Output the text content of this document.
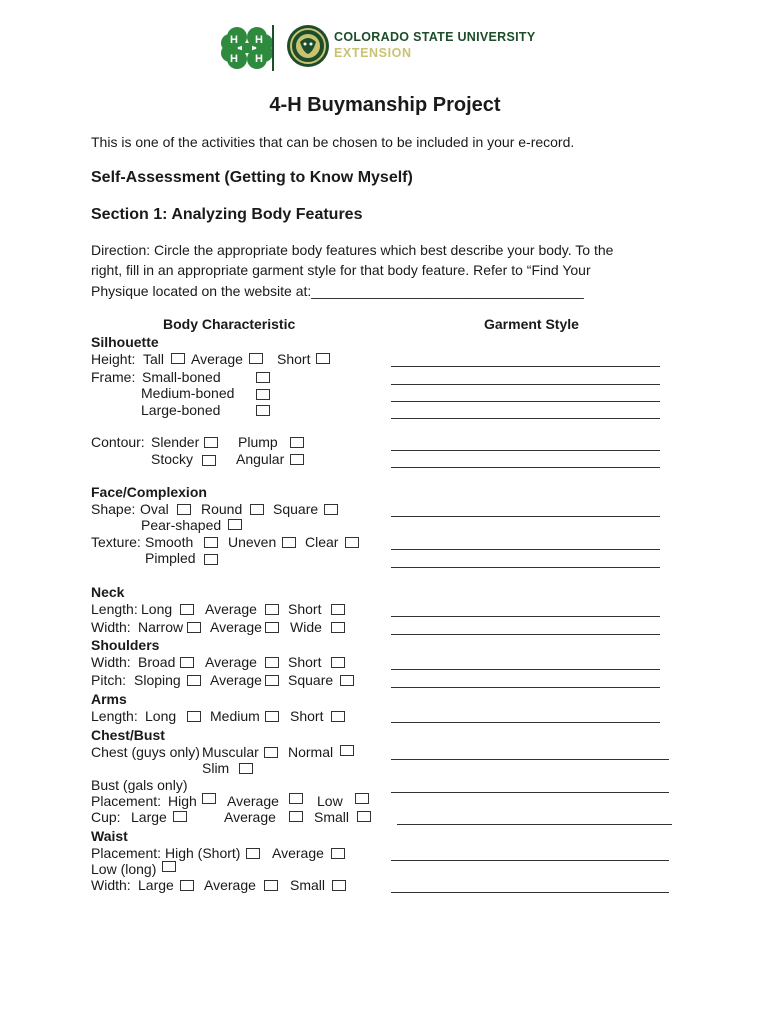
H H
H H
COLORADO STATE UNIVERSITY
EXTENSION
4-H Buymanship Project
This is one of the activities that can be chosen to be included in your e-record.
Self-Assessment (Getting to Know Myself)
Section 1: Analyzing Body Features
Direction: Circle the appropriate body features which best describe your body. To the
right, fill in an appropriate garment style for that body feature. Refer to “Find Your
Physique located on the website at:___________________________________
Body Characteristic	Garment Style
Silhouette
Height: Tall Average Short
Frame: Small-boned
Medium-boned
Large-boned
Contour: Slender	Plump
Stocky	Angular
Face/Complexion
Shape: Oval Round Square
Pear-shaped
Texture: Smooth Uneven Clear
Pimpled
Neck
Length: Long Average Short
Width: Narrow Average Wide
Shoulders
Width: Broad Average Short
Pitch: Sloping Average Square
Arms
Length: Long Medium Short
Chest/Bust
Chest (guys only) Muscular Normal
Slim
Bust (gals only)
Placement: High Average	Low
Cup: Large	Average	Small
Waist
Placement: High (Short) Average
Low (long)
Width: Large Average Small
